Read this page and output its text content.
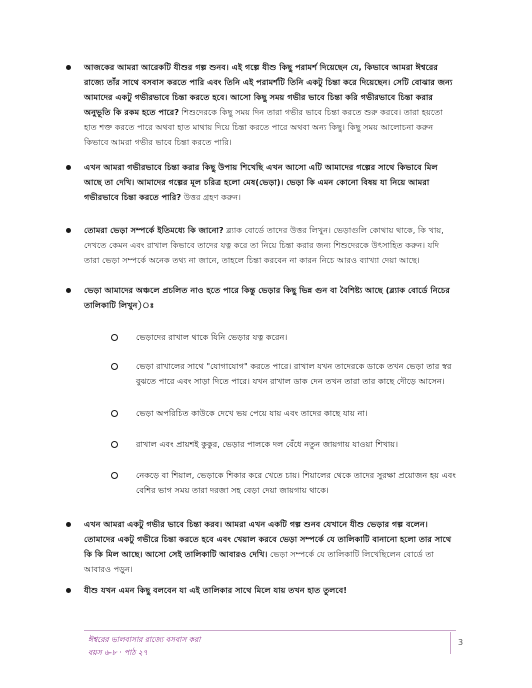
আজকের আমরা আরেকটি যীশুর গল্প শুনব। এই গল্পে যীশু কিছু পরামর্শ দিয়েছেন যে, কিভাবে আমরা ঈশ্বরের রাজ্যে তাঁর সাথে বসবাস করতে পারি এবং তিনি এই পরামর্শটি তিনি একটু চিন্তা করে দিয়েছেন। সেটি বোঝার জন্য আমাদের একটু গভীরভাবে চিন্তা করতে হবে। আসো কিছু সময় গভীর ভাবে চিন্তা করি গভীরভাবে চিন্তা করার অনুভূতি কি রকম হতে পারে? শিশুদেরকে কিছু সময় দিন তারা গভীর ভাবে চিন্তা করতে শুরু করবে। তারা হয়তো হাত শক্ত করতে পারে অথবা হাত মাথায় দিয়ে চিন্তা করতে পারে অথবা অন্য কিছু। কিছু সময় আলোচনা করুন কিভাবে আমরা গভীর ভাবে চিন্তা করতে পারি।
এখন আমরা গভীরভাবে চিন্তা করার কিছু উপায় শিখেছি এখন আসো এটি আমাদের গল্পের সাথে কিভাবে মিল আছে তা দেখি। আমাদের গল্পের মূল চরিত্র হলো মেষ(ভেড়া)। ভেড়া কি এমন কোনো বিষয় যা নিয়ে আমরা গভীরভাবে চিন্তা করতে পারি? উত্তর গ্রহণ করুন।
তোমরা ভেড়া সম্পর্কে ইতিমধ্যে কি জানো? ব্ল্যাক বোর্ডে তাদের উত্তর লিখুন। ভেড়াগুলি কোথায় থাকে, কি খায়, দেখতে কেমন এবং রাখাল কিভাবে তাদের যত্ন করে তা নিয়ে চিন্তা করার জন্য শিশুদেরকে উৎসাহিত করুন। যদি তারা ভেড়া সম্পর্কে অনেক তথ্য না জানে, তাহলে চিন্তা করবেন না কারন নিচে আরও ব্যাখ্যা দেয়া আছে।
ভেড়া আমাদের অঞ্চলে প্রচলিত নাও হতে পারে কিন্তু ভেড়ার কিছু ভিন্ন গুন বা বৈশিষ্ট্য আছে (ব্ল্যাক বোর্ডে নিচের তালিকাটি লিখুন)ঃ
ভেড়াদের রাখাল থাকে যিনি ভেড়ার যত্ন করেন।
ভেড়া রাখালের সাথে "যোগাযোগ" করতে পারে। রাখাল যখন তাদেরকে ডাকে তখন ভেড়া তার স্বর বুঝতে পারে এবং সাড়া দিতে পারে। যখন রাখাল ডাক দেন তখন তারা তার কাছে দৌড়ে আসেন।
ভেড়া অপরিচিত কাউকে দেখে ভয় পেয়ে যায় এবং তাদের কাছে যায় না।
রাখাল এবং প্রায়শই কুকুর, ভেড়ার পালকে দল বেঁধে নতুন জায়গায় যাওয়া শিখায়।
নেকড়ে বা শিয়াল, ভেড়াকে শিকার করে খেতে চায়। শিয়ালের থেকে তাদের সুরক্ষা প্রয়োজন হয় এবং বেশির ভাগ সময় তারা দরজা সহ বেড়া দেয়া জায়গায় থাকে।
এখন আমরা একটু গভীর ভাবে চিন্তা করব। আমরা এখন একটি গল্প শুনব যেখানে যীশু ভেড়ার গল্প বলেন। তোমাদের একটু গভীরে চিন্তা করতে হবে এবং খেয়াল করবে ভেড়া সম্পর্কে যে তালিকাটি বানানো হলো তার সাথে কি কি মিল আছে। আসো সেই তালিকাটি আবারও দেখি। ভেড়া সম্পর্কে যে তালিকাটি লিখেছিলেন বোর্ডে তা আবারও পড়ুন।
যীশু যখন এমন কিছু বলবেন যা এই তালিকার সাথে মিলে যায় তখন হাত তুলবে!
ঈশ্বরের ভালবাসার রাজ্যে বসবাস করা
বয়স ৬-৮ · পাঠ ২৭
3
